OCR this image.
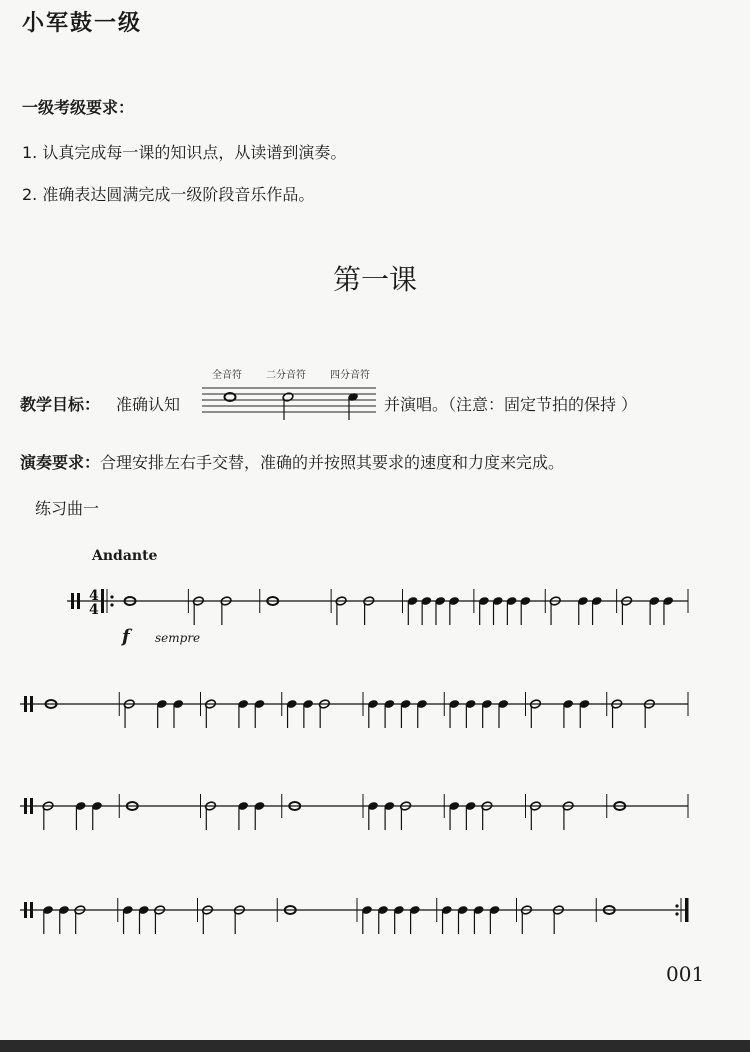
小军鼓一级
一级考级要求：
1. 认真完成每一课的知识点，从读谱到演奏。
2. 准确表达圆满完成一级阶段音乐作品。
第一课
全音符 二分音符 四分音符
教学目标： 准确认知	并演唱。（注意：固定节拍的保持 ）
演奏要求：合理安排左右手交替，准确的并按照其要求的速度和力度来完成。
练习曲一
Andante
f sempre
4
4
001
